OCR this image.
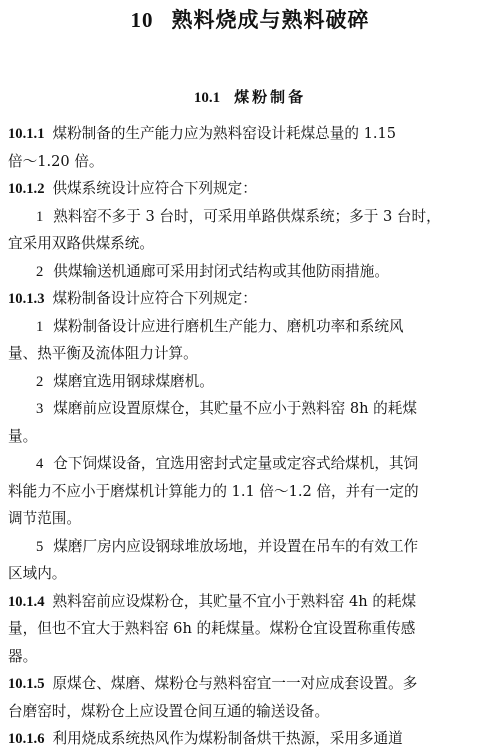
10 熟料烧成与熟料破碎
10.1 煤粉制备
10.1.1 煤粉制备的生产能力应为熟料窑设计耗煤总量的 1.15
倍～1.20 倍。
10.1.2 供煤系统设计应符合下列规定：
1 熟料窑不多于 3 台时，可采用单路供煤系统；多于 3 台时，
宜采用双路供煤系统。
2 供煤输送机通廊可采用封闭式结构或其他防雨措施。
10.1.3 煤粉制备设计应符合下列规定：
1 煤粉制备设计应进行磨机生产能力、磨机功率和系统风
量、热平衡及流体阻力计算。
2 煤磨宜选用钢球煤磨机。
3 煤磨前应设置原煤仓，其贮量不应小于熟料窑 8h 的耗煤
量。
4 仓下饲煤设备，宜选用密封式定量或定容式给煤机，其饲
料能力不应小于磨煤机计算能力的 1.1 倍～1.2 倍，并有一定的
调节范围。
5 煤磨厂房内应设钢球堆放场地，并设置在吊车的有效工作
区域内。
10.1.4 熟料窑前应设煤粉仓，其贮量不宜小于熟料窑 4h 的耗煤
量，但也不宜大于熟料窑 6h 的耗煤量。煤粉仓宜设置称重传感
器。
10.1.5 原煤仓、煤磨、煤粉仓与熟料窑宜一一对应成套设置。多
台磨窑时，煤粉仓上应设置仓间互通的输送设备。
10.1.6 利用烧成系统热风作为煤粉制备烘干热源，采用多通道
